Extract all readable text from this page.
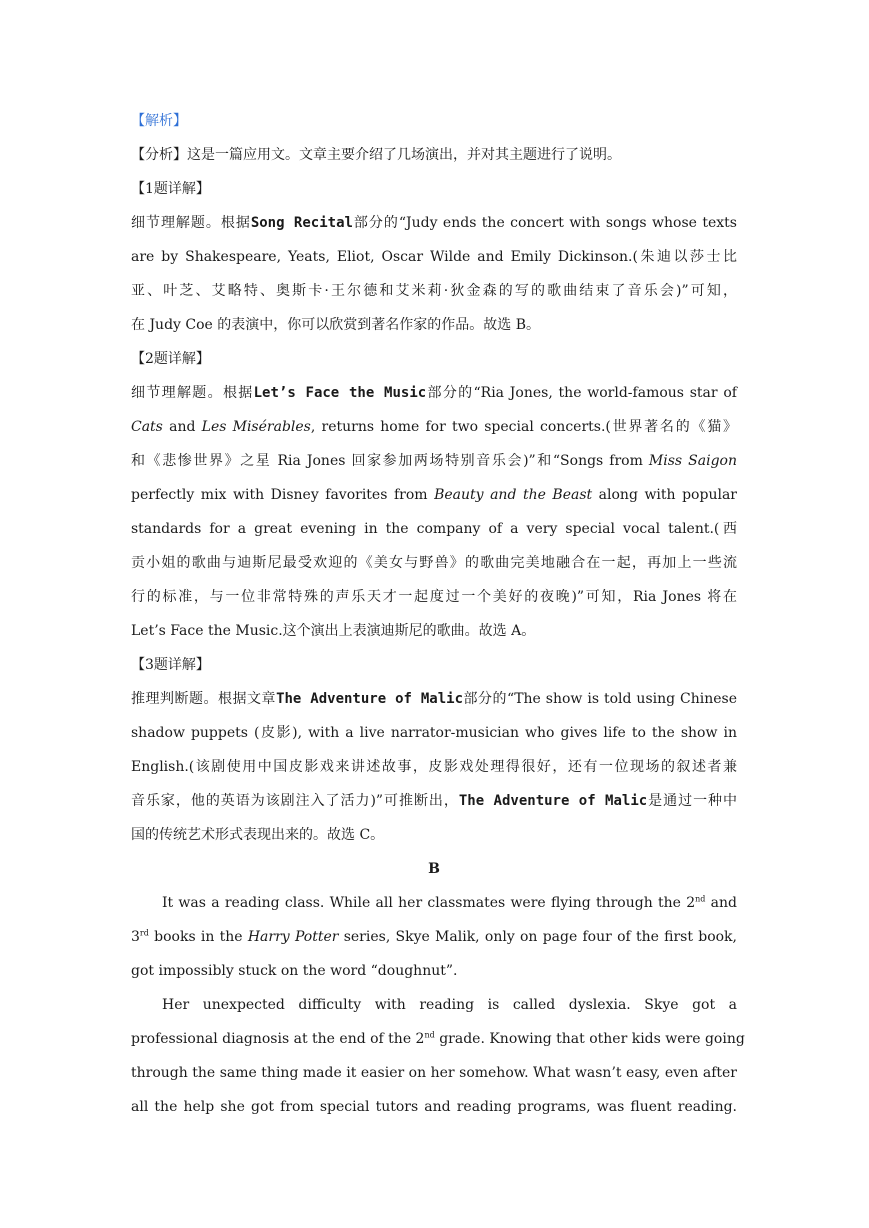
【解析】
【分析】这是一篇应用文。文章主要介绍了几场演出，并对其主题进行了说明。
【1题详解】
细节理解题。根据Song Recital部分的“Judy ends the concert with songs whose texts
are by Shakespeare, Yeats, Eliot, Oscar Wilde and Emily Dickinson.(朱迪以莎士比
亚、叶芝、艾略特、奥斯卡·王尔德和艾米莉·狄金森的写的歌曲结束了音乐会)”可知，
在 Judy Coe 的表演中，你可以欣赏到著名作家的作品。故选 B。
【2题详解】
细节理解题。根据Let’s Face the Music部分的“Ria Jones, the world-famous star of
Cats and Les Misérables, returns home for two special concerts.(世界著名的《猫》
和《悲惨世界》之星 Ria Jones 回家参加两场特别音乐会)”和“Songs from Miss Saigon
perfectly mix with Disney favorites from Beauty and the Beast along with popular
standards for a great evening in the company of a very special vocal talent.(西
贡小姐的歌曲与迪斯尼最受欢迎的《美女与野兽》的歌曲完美地融合在一起，再加上一些流
行的标准，与一位非常特殊的声乐天才一起度过一个美好的夜晚)”可知，Ria Jones 将在
Let’s Face the Music.这个演出上表演迪斯尼的歌曲。故选 A。
【3题详解】
推理判断题。根据文章The Adventure of Malic部分的“The show is told using Chinese
shadow puppets (皮影), with a live narrator-musician who gives life to the show in
English.(该剧使用中国皮影戏来讲述故事，皮影戏处理得很好，还有一位现场的叙述者兼
音乐家，他的英语为该剧注入了活力)”可推断出，The Adventure of Malic是通过一种中
国的传统艺术形式表现出来的。故选 C。
B
It was a reading class. While all her classmates were flying through the 2nd and
3rd books in the Harry Potter series, Skye Malik, only on page four of the first book,
got impossibly stuck on the word “doughnut”.
Her unexpected difficulty with reading is called dyslexia. Skye got a
professional diagnosis at the end of the 2nd grade. Knowing that other kids were going
through the same thing made it easier on her somehow. What wasn’t easy, even after
all the help she got from special tutors and reading programs, was fluent reading.
